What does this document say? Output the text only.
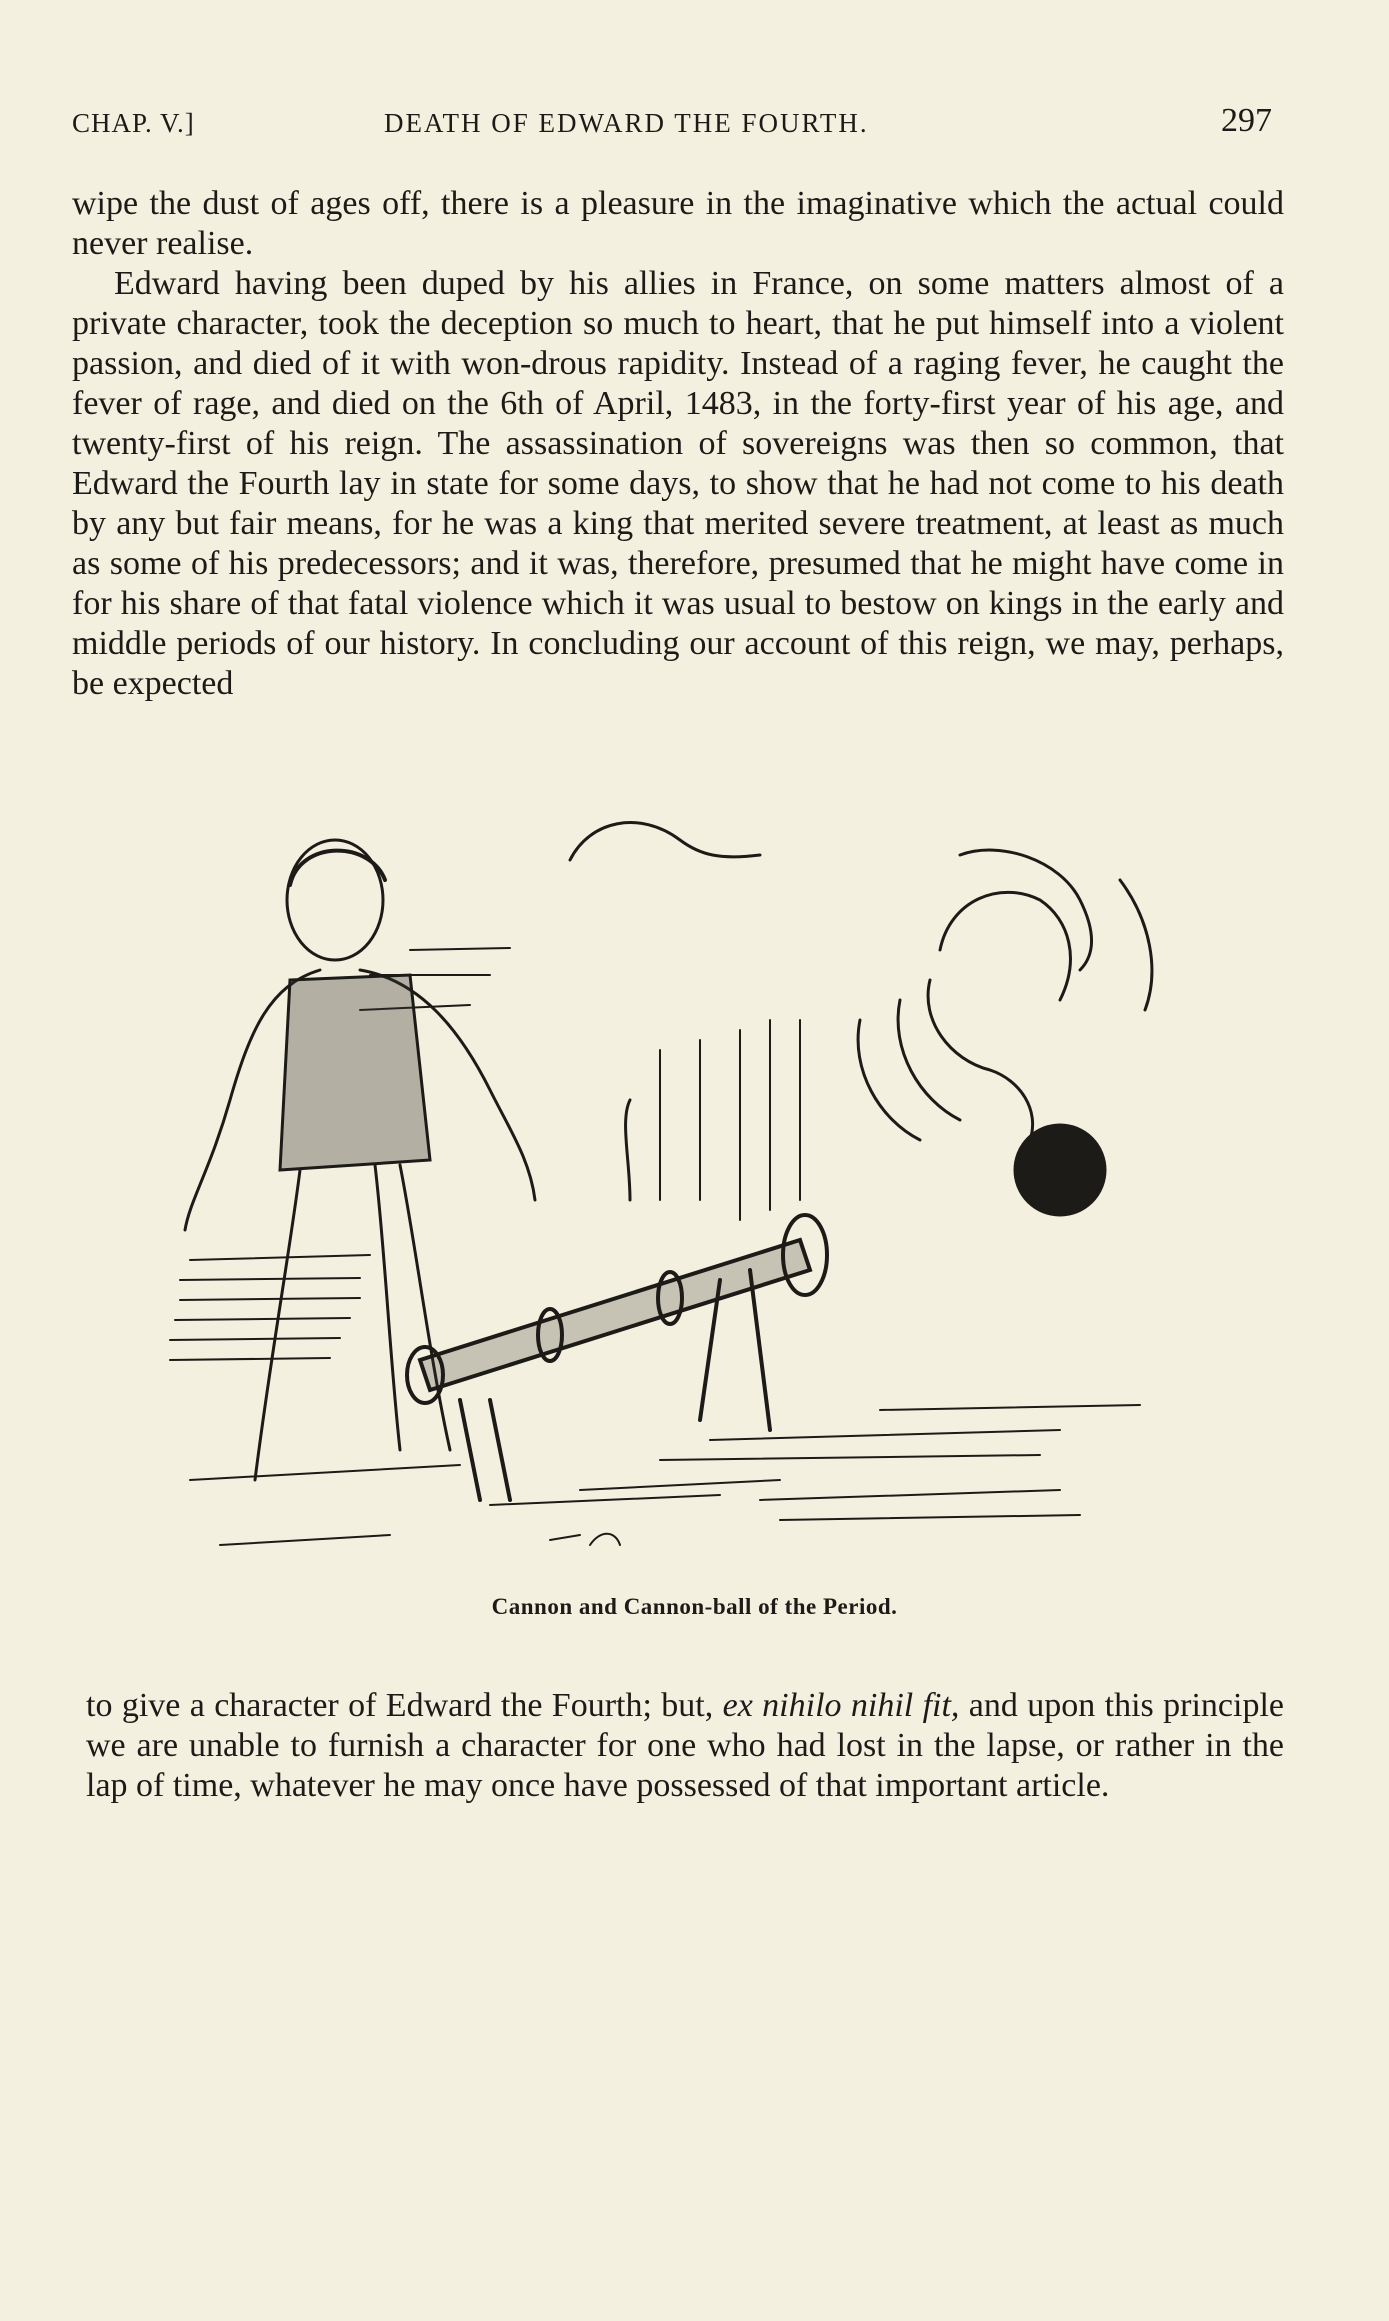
CHAP. V.]	DEATH OF EDWARD THE FOURTH.	297

wipe the dust of ages off, there is a pleasure in the imaginative which the actual could never realise.

Edward having been duped by his allies in France, on some matters almost of a private character, took the deception so much to heart, that he put himself into a violent passion, and died of it with won-drous rapidity. Instead of a raging fever, he caught the fever of rage, and died on the 6th of April, 1483, in the forty-first year of his age, and twenty-first of his reign. The assassination of sovereigns was then so common, that Edward the Fourth lay in state for some days, to show that he had not come to his death by any but fair means, for he was a king that merited severe treatment, at least as much as some of his predecessors; and it was, therefore, presumed that he might have come in for his share of that fatal violence which it was usual to bestow on kings in the early and middle periods of our history. In concluding our account of this reign, we may, perhaps, be expected

Cannon and Cannon-ball of the Period.

to give a character of Edward the Fourth; but, ex nihilo nihil fit, and upon this principle we are unable to furnish a character for one who had lost in the lapse, or rather in the lap of time, whatever he may once have possessed of that important article.
